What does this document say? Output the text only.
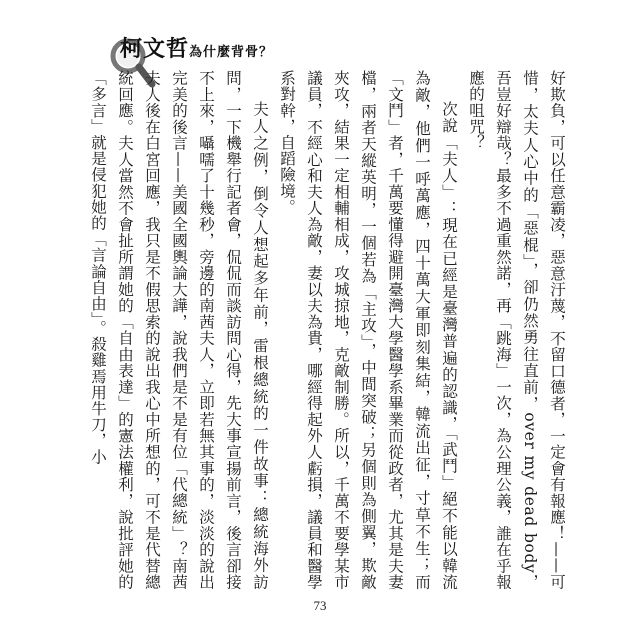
柯文哲為什麼背骨？

好欺負，可以任意霸凌，惡意汙蔑，不留口德者，一定會有報應！——可惜，太夫人心中的「惡棍」，卻仍然勇往直前，over my dead body，吾豈好辯哉？最多不過重然諾，再「跳海」一次，為公理公義，誰在乎報應的咀咒？

次說「夫人」：現在已經是臺灣普遍的認識，「武鬥」絕不能以韓流為敵，他們一呼萬應，四十萬大軍即刻集結，韓流出征，寸草不生；而「文鬥」者，千萬要懂得避開臺灣大學醫學系畢業而從政者，尤其是夫妻檔，兩者天縱英明，一個若為「主攻」，中間突破；另個則為側翼，欺敵夾攻，結果一定相輔相成，攻城掠地，克敵制勝。所以，千萬不要學某市議員，不經心和夫人為敵，妻以夫為貴，哪經得起外人虧損，議員和醫學系對幹，自蹈險境。

夫人之例，倒令人想起多年前，雷根總統的一件故事：總統海外訪問，一下機舉行記者會，侃侃而談訪問心得，先大事宣揚前言，後言卻接不上來，囁嚅了十幾秒，旁邊的南茜夫人，立即若無其事的，淡淡的說出完美的後言——美國全國輿論大譁，說我們是不是有位「代總統」？南茜夫人後在白宮回應，我只是不假思索的說出我心中所想的，可不是代替總統回應。夫人當然不會扯所謂她的「自由表達」的憲法權利，說批評她的「多言」就是侵犯她的「言論自由」。殺雞焉用牛刀，小

73
